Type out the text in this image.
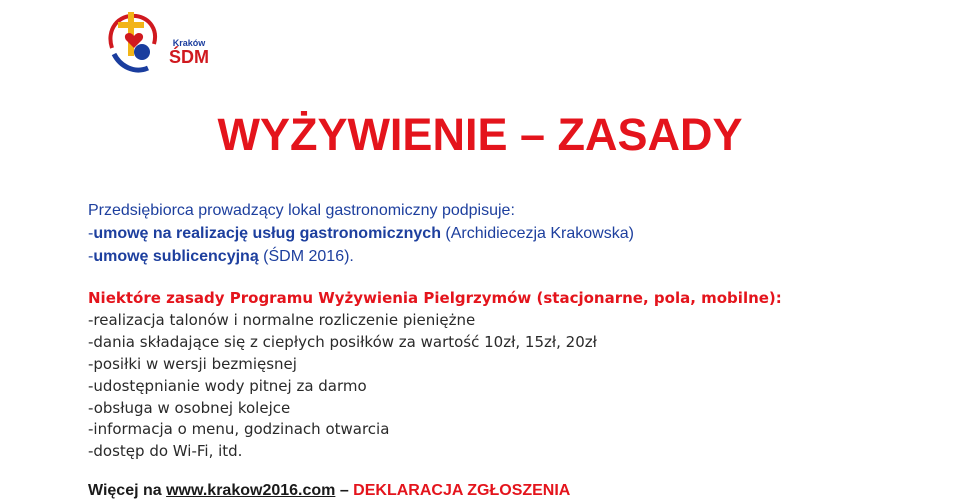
Kraków
ŚDM
WYŻYWIENIE – ZASADY
Przedsiębiorca prowadzący lokal gastronomiczny podpisuje:
-umowę na realizację usług gastronomicznych (Archidiecezja Krakowska)
-umowę sublicencyjną (ŚDM 2016).
Niektóre zasady Programu Wyżywienia Pielgrzymów (stacjonarne, pola, mobilne):
-realizacja talonów i normalne rozliczenie pieniężne
-dania składające się z ciepłych posiłków za wartość 10zł, 15zł, 20zł
-posiłki w wersji bezmięsnej
-udostępnianie wody pitnej za darmo
-obsługa w osobnej kolejce
-informacja o menu, godzinach otwarcia
-dostęp do Wi-Fi, itd.
Więcej na www.krakow2016.com – DEKLARACJA ZGŁOSZENIA
